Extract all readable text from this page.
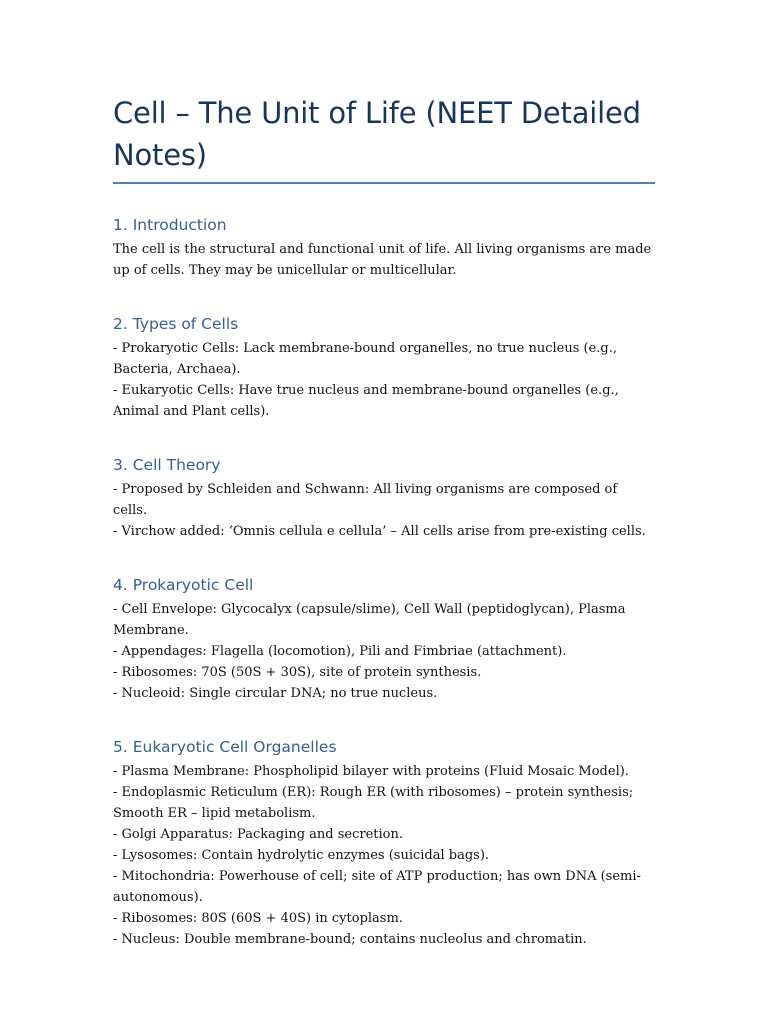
Cell – The Unit of Life (NEET Detailed Notes)
1. Introduction

The cell is the structural and functional unit of life. All living organisms are made up of cells. They may be unicellular or multicellular.

2. Types of Cells

- Prokaryotic Cells: Lack membrane-bound organelles, no true nucleus (e.g., Bacteria, Archaea).

- Eukaryotic Cells: Have true nucleus and membrane-bound organelles (e.g., Animal and Plant cells).

3. Cell Theory

- Proposed by Schleiden and Schwann: All living organisms are composed of cells.

- Virchow added: ‘Omnis cellula e cellula’ – All cells arise from pre-existing cells.

4. Prokaryotic Cell

- Cell Envelope: Glycocalyx (capsule/slime), Cell Wall (peptidoglycan), Plasma Membrane.

- Appendages: Flagella (locomotion), Pili and Fimbriae (attachment).

- Ribosomes: 70S (50S + 30S), site of protein synthesis.

- Nucleoid: Single circular DNA; no true nucleus.

5. Eukaryotic Cell Organelles

- Plasma Membrane: Phospholipid bilayer with proteins (Fluid Mosaic Model).

- Endoplasmic Reticulum (ER): Rough ER (with ribosomes) – protein synthesis; Smooth ER – lipid metabolism.

- Golgi Apparatus: Packaging and secretion.

- Lysosomes: Contain hydrolytic enzymes (suicidal bags).

- Mitochondria: Powerhouse of cell; site of ATP production; has own DNA (semi-autonomous).

- Ribosomes: 80S (60S + 40S) in cytoplasm.

- Nucleus: Double membrane-bound; contains nucleolus and chromatin.
